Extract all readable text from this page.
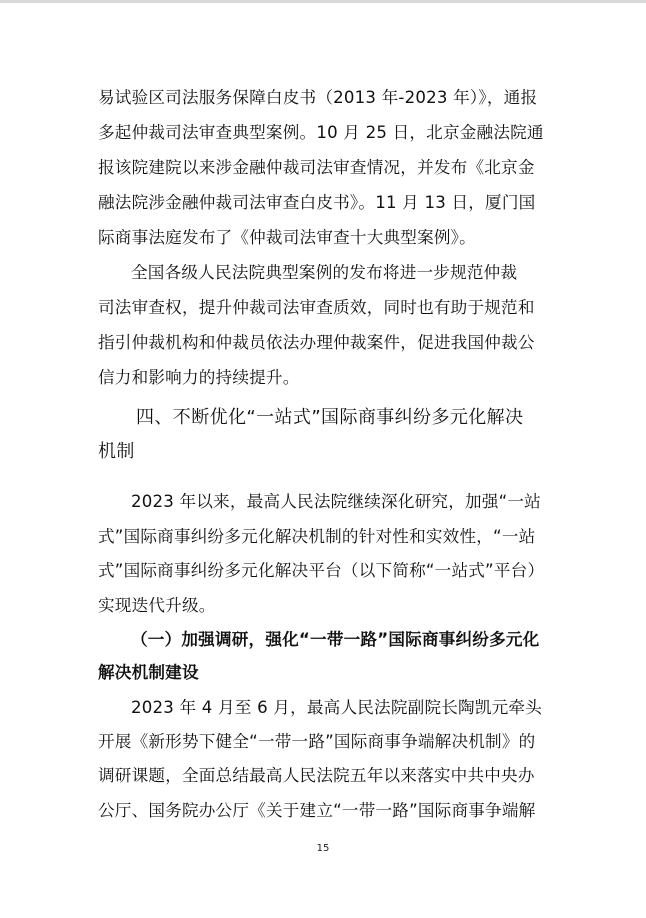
易试验区司法服务保障白皮书（2013 年-2023 年）》，通报
多起仲裁司法审查典型案例。10 月 25 日，北京金融法院通
报该院建院以来涉金融仲裁司法审查情况，并发布《北京金
融法院涉金融仲裁司法审查白皮书》。11 月 13 日，厦门国
际商事法庭发布了《仲裁司法审查十大典型案例》。
全国各级人民法院典型案例的发布将进一步规范仲裁
司法审查权，提升仲裁司法审查质效，同时也有助于规范和
指引仲裁机构和仲裁员依法办理仲裁案件，促进我国仲裁公
信力和影响力的持续提升。
四、不断优化“一站式”国际商事纠纷多元化解决
机制
2023 年以来，最高人民法院继续深化研究，加强“一站
式”国际商事纠纷多元化解决机制的针对性和实效性，“一站
式”国际商事纠纷多元化解决平台（以下简称“一站式”平台）
实现迭代升级。
（一）加强调研，强化“一带一路”国际商事纠纷多元化
解决机制建设
2023 年 4 月至 6 月，最高人民法院副院长陶凯元牵头
开展《新形势下健全“一带一路”国际商事争端解决机制》的
调研课题，全面总结最高人民法院五年以来落实中共中央办
公厅、国务院办公厅《关于建立“一带一路”国际商事争端解
15
